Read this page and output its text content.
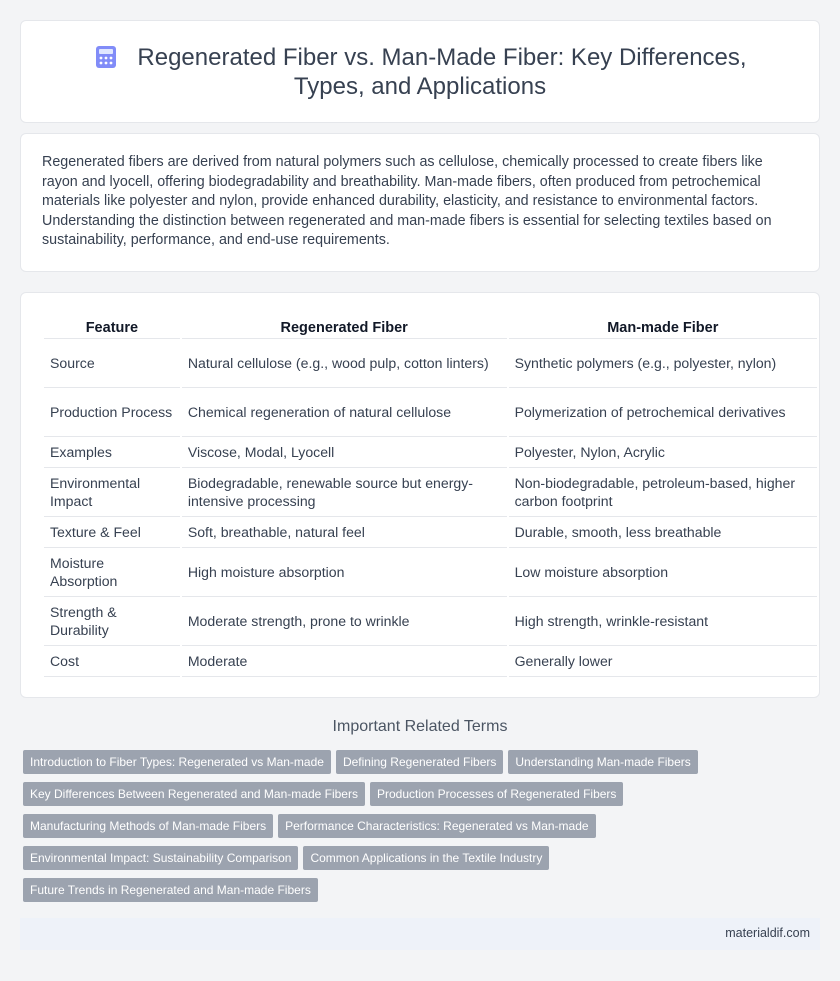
Regenerated Fiber vs. Man-Made Fiber: Key Differences, Types, and Applications

Regenerated fibers are derived from natural polymers such as cellulose, chemically processed to create fibers like rayon and lyocell, offering biodegradability and breathability. Man-made fibers, often produced from petrochemical materials like polyester and nylon, provide enhanced durability, elasticity, and resistance to environmental factors. Understanding the distinction between regenerated and man-made fibers is essential for selecting textiles based on sustainability, performance, and end-use requirements.

Feature	Regenerated Fiber	Man-made Fiber
Source	Natural cellulose (e.g., wood pulp, cotton linters)	Synthetic polymers (e.g., polyester, nylon)
Production Process	Chemical regeneration of natural cellulose	Polymerization of petrochemical derivatives
Examples	Viscose, Modal, Lyocell	Polyester, Nylon, Acrylic
Environmental Impact	Biodegradable, renewable source but energy-intensive processing	Non-biodegradable, petroleum-based, higher carbon footprint
Texture & Feel	Soft, breathable, natural feel	Durable, smooth, less breathable
Moisture Absorption	High moisture absorption	Low moisture absorption
Strength & Durability	Moderate strength, prone to wrinkle	High strength, wrinkle-resistant
Cost	Moderate	Generally lower
Important Related Terms
Introduction to Fiber Types: Regenerated vs Man-made Defining Regenerated Fibers Understanding Man-made Fibers
Key Differences Between Regenerated and Man-made Fibers Production Processes of Regenerated Fibers
Manufacturing Methods of Man-made Fibers Performance Characteristics: Regenerated vs Man-made
Environmental Impact: Sustainability Comparison Common Applications in the Textile Industry
Future Trends in Regenerated and Man-made Fibers
materialdif.com
